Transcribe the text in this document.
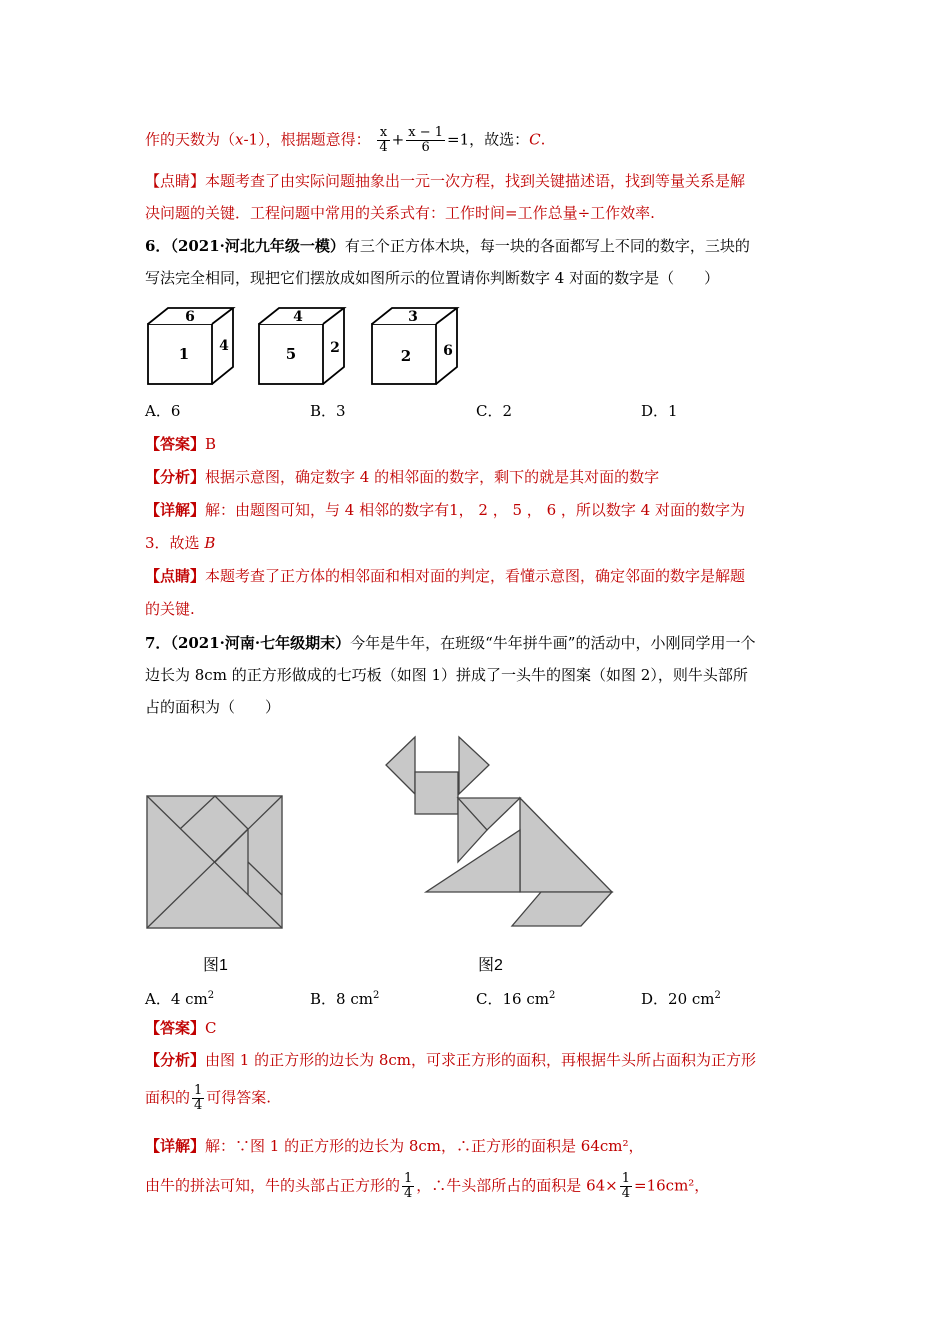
作的天数为（x-1），根据题意得： $\frac{x}{4} + \frac{x - 1}{6} =1$，故选：C.
【点睛】本题考查了由实际问题抽象出一元一次方程，找到关键描述语，找到等量关系是解
决问题的关键．工程问题中常用的关系式有：工作时间=工作总量÷工作效率.
6．（2021·河北九年级一模）有三个正方体木块，每一块的各面都写上不同的数字，三块的
写法完全相同，现把它们摆放成如图所示的位置请你判断数字 4 对面的数字是（　　）
6
1 4
4
5 2
3
2 6
A．6	B．3	C．2	D．1
【答案】B
【分析】根据示意图，确定数字 4 的相邻面的数字，剩下的就是其对面的数字
【详解】解：由题图可知，与 4 相邻的数字有1， 2 ， 5 ， 6 ，所以数字 4 对面的数字为
3．故选 B
【点睛】本题考查了正方体的相邻面和相对面的判定，看懂示意图，确定邻面的数字是解题
的关键.
7．（2021·河南·七年级期末）今年是牛年，在班级“牛年拼牛画”的活动中，小刚同学用一个
边长为 8cm 的正方形做成的七巧板（如图 1）拼成了一头牛的图案（如图 2），则牛头部所
占的面积为（　　）
图1	图2
A．4 $cm^2$	B．8 $cm^2$	C．16 $cm^2$	D．20 $cm^2$
【答案】C
【分析】由图 1 的正方形的边长为 8cm，可求正方形的面积，再根据牛头所占面积为正方形
面积的 $\frac{1}{4}$ 可得答案.
【详解】解：∵图 1 的正方形的边长为 8cm，∴正方形的面积是 64cm²，
由牛的拼法可知，牛的头部占正方形的 $\frac{1}{4}$ ，∴牛头部所占的面积是 $64\times \frac{1}{4} =16cm^2$，
